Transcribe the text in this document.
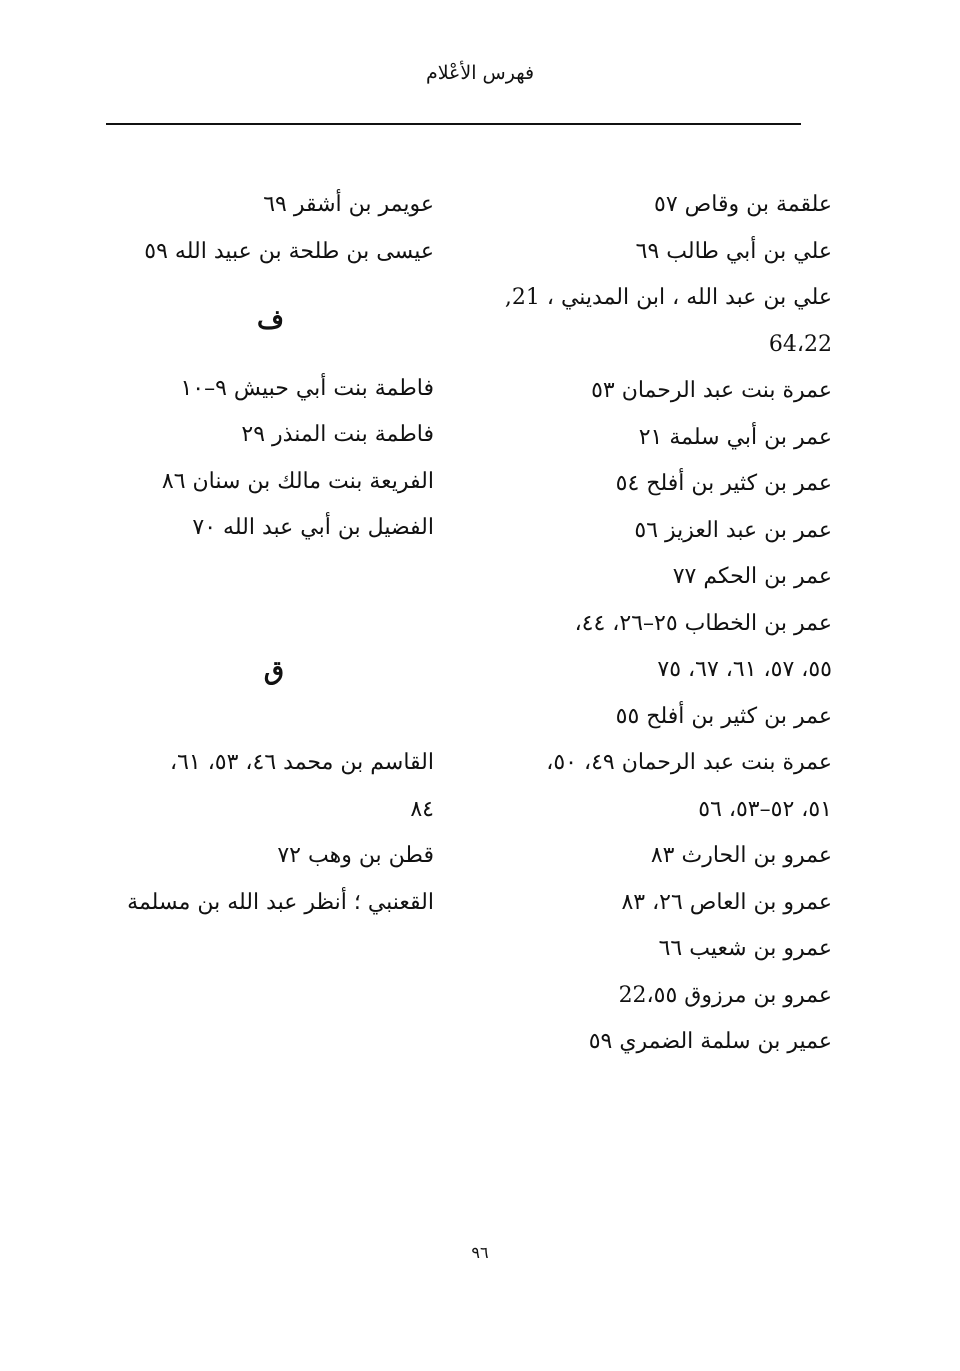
فهرس الأعْلام
علقمة بن وقاص ٥٧
علي بن أبي طالب ٦٩
علي بن عبد الله ، ابن المديني ، 21,
64،22
عمرة بنت عبد الرحمان ٥٣
عمر بن أبي سلمة ٢١
عمر بن كثير بن أفلح ٥٤
عمر بن عبد العزيز ٥٦
عمر بن الحكم ٧٧
عمر بن الخطاب ٢٥–٢٦، ٤٤،
٥٥، ٥٧، ٦١، ٦٧، ٧٥
عمر بن كثير بن أفلح ٥٥
عمرة بنت عبد الرحمان ٤٩، ٥٠،
٥١، ٥٢–٥٣، ٥٦
عمرو بن الحارث ٨٣
عمرو بن العاص ٢٦، ٨٣
عمرو بن شعيب ٦٦
عمرو بن مرزوق 22،٥٥
عمير بن سلمة الضمري ٥٩
عويمر بن أشقر ٦٩
عيسى بن طلحة بن عبيد الله ٥٩
ف
فاطمة بنت أبي حبيش ٩–١٠
فاطمة بنت المنذر ٢٩
الفريعة بنت مالك بن سنان ٨٦
الفضيل بن أبي عبد الله ٧٠
ق
القاسم بن محمد ٤٦، ٥٣، ٦١،
٨٤
قطن بن وهب ٧٢
القعنبي ؛ أنظر عبد الله بن مسلمة
٩٦
